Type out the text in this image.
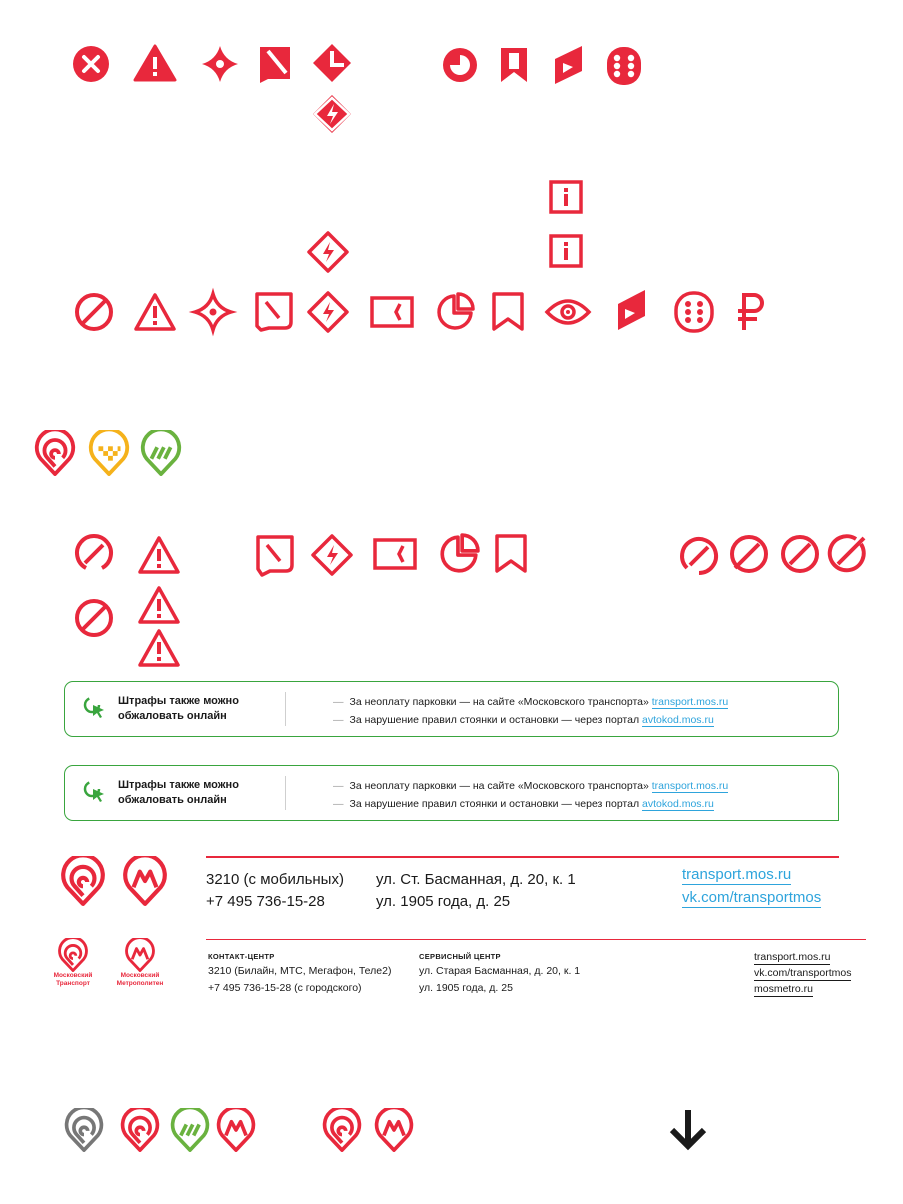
Штрафы также можно обжаловать онлайн
— За неоплату парковки — на сайте «Московского транспорта» transport.mos.ru
— За нарушение правил стоянки и остановки — через портал avtokod.mos.ru
Штрафы также можно обжаловать онлайн
— За неоплату парковки — на сайте «Московского транспорта» transport.mos.ru
— За нарушение правил стоянки и остановки — через портал avtokod.mos.ru
3210 (с мобильных)
+7 495 736-15-28
ул. Ст. Басманная, д. 20, к. 1
ул. 1905 года, д. 25
transport.mos.ru
vk.com/transportmos
Московский Транспорт
Московский Метрополитен
КОНТАКТ-ЦЕНТР
3210 (Билайн, МТС, Мегафон, Теле2)
+7 495 736-15-28 (с городского)
СЕРВИСНЫЙ ЦЕНТР
ул. Старая Басманная, д. 20, к. 1
ул. 1905 года, д. 25
transport.mos.ru
vk.com/transportmos
mosmetro.ru
